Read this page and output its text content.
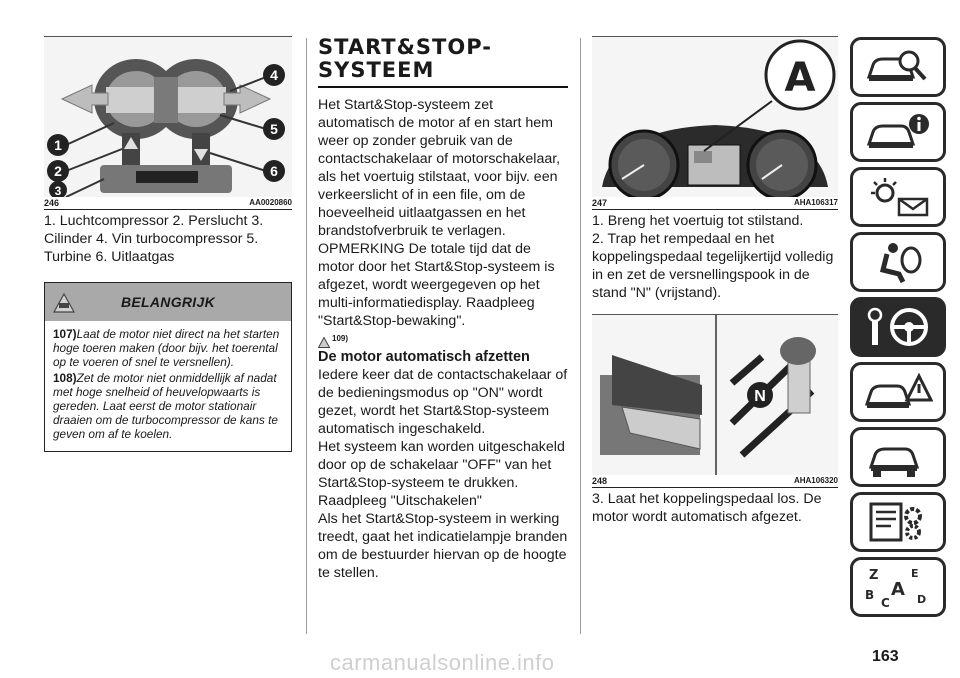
1
2
3
4
5
6
246	AA0020860
1. Luchtcompressor 2. Perslucht 3. Cilinder 4. Vin turbocompressor 5. Turbine 6. Uitlaatgas
BELANGRIJK

107)Laat de motor niet direct na het starten hoge toeren maken (door bijv. het toerental op te voeren of snel te versnellen).

108)Zet de motor niet onmiddellijk af nadat met hoge snelheid of heuvelopwaarts is gereden. Laat eerst de motor stationair draaien om de turbocompressor de kans te geven om af te koelen.

START&STOP-
SYSTEEM

Het Start&Stop-systeem zet automatisch de motor af en start hem weer op zonder gebruik van de contactschakelaar of motorschakelaar, als het voertuig stilstaat, voor bijv. een verkeerslicht of in een file, om de hoeveelheid uitlaatgassen en het brandstofverbruik te verlagen.

OPMERKING De totale tijd dat de motor door het Start&Stop-systeem is afgezet, wordt weergegeven op het multi-informatiedisplay. Raadpleeg "Start&Stop-bewaking".

109)

De motor automatisch afzetten

Iedere keer dat de contactschakelaar of de bedieningsmodus op "ON" wordt gezet, wordt het Start&Stop-systeem automatisch ingeschakeld.

Het systeem kan worden uitgeschakeld door op de schakelaar "OFF" van het Start&Stop-systeem te drukken. Raadpleeg "Uitschakelen"

Als het Start&Stop-systeem in werking treedt, gaat het indicatielampje branden om de bestuurder hiervan op de hoogte te stellen.

A
247	AHA106317

1. Breng het voertuig tot stilstand.

2. Trap het rempedaal en het koppelingspedaal tegelijkertijd volledig in en zet de versnellingspook in de stand "N" (vrijstand).

N
248	AHA106320

3. Laat het koppelingspedaal los. De motor wordt automatisch afgezet.

Z	E
B A
C D
163
carmanualsonline.info
